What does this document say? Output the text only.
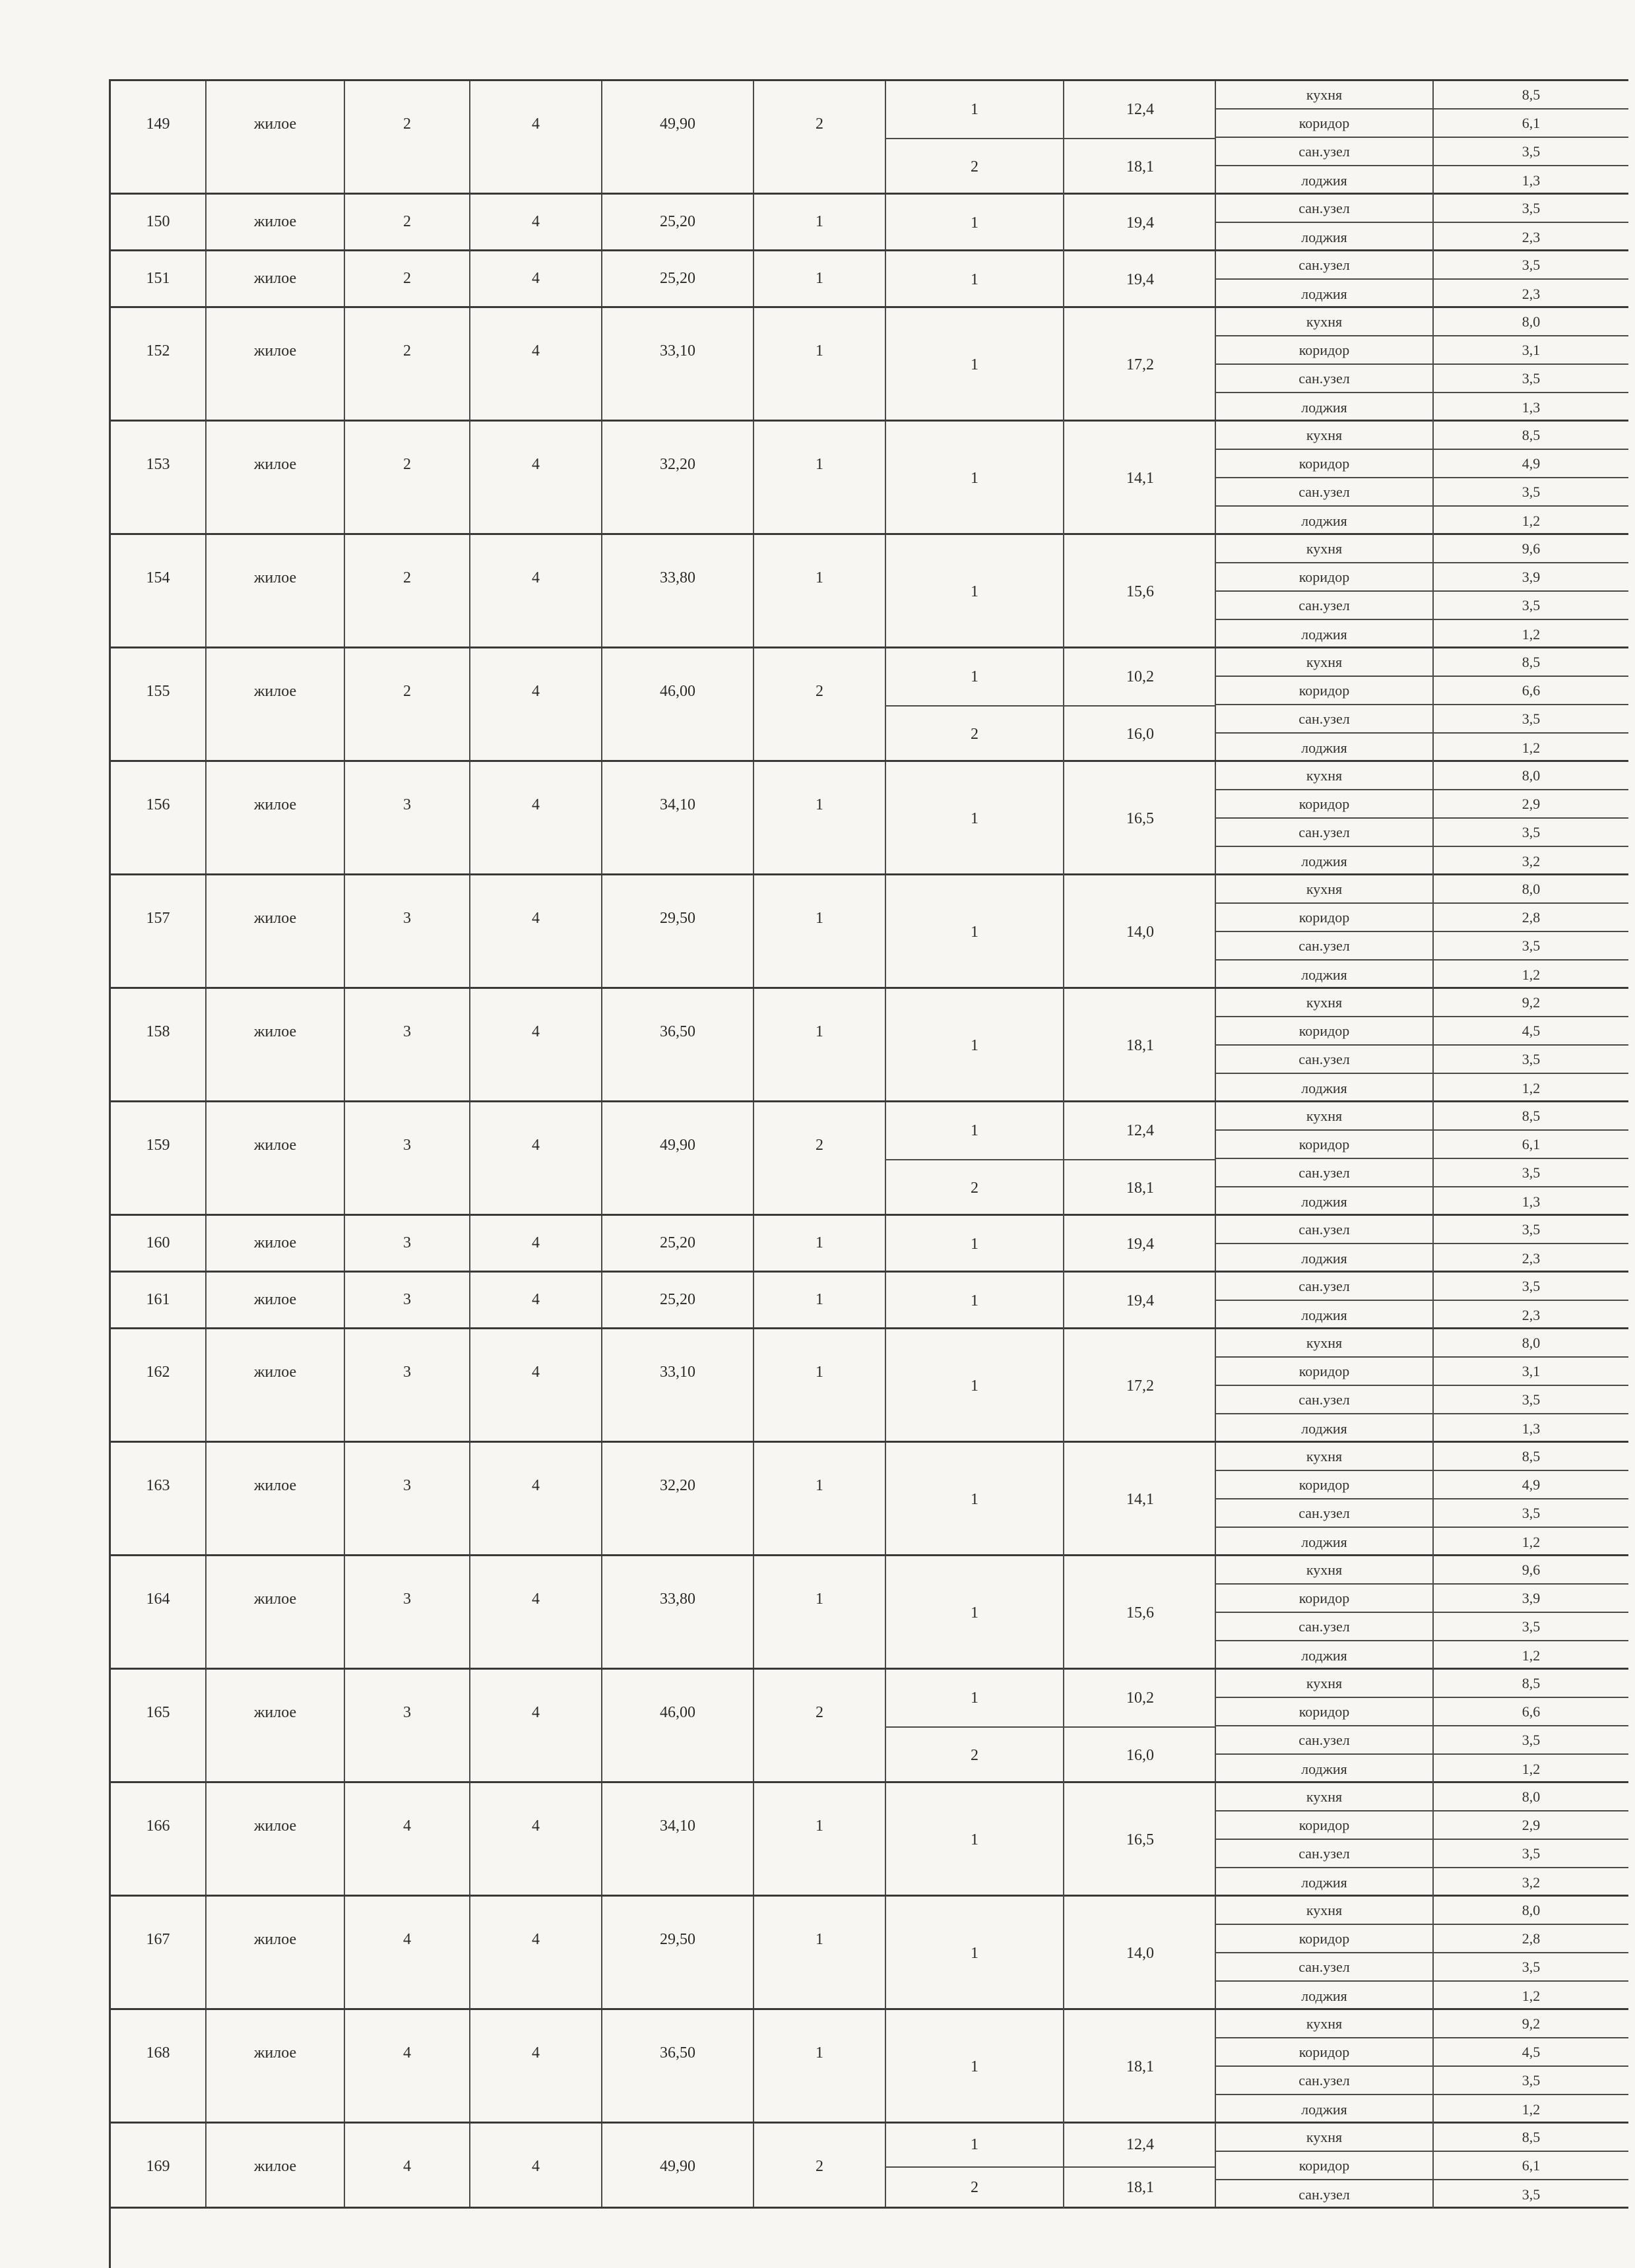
149	жилое	2	4	49,90	2
1	12,4
2	18,1
кухня	8,5
коридор	6,1
сан.узел	3,5
лоджия	1,3
150	жилое	2	4	25,20	1	1	19,4
сан.узел	3,5
лоджия	2,3
151	жилое	2	4	25,20	1	1	19,4
сан.узел	3,5
лоджия	2,3
152	жилое	2	4	33,10	1
1	17,2
кухня	8,0
коридор	3,1
сан.узел	3,5
лоджия	1,3
153	жилое	2	4	32,20	1
1	14,1
кухня	8,5
коридор	4,9
сан.узел	3,5
лоджия	1,2
154	жилое	2	4	33,80	1
1	15,6
кухня	9,6
коридор	3,9
сан.узел	3,5
лоджия	1,2
155	жилое	2	4	46,00	2
1	10,2
2	16,0
кухня	8,5
коридор	6,6
сан.узел	3,5
лоджия	1,2
156	жилое	3	4	34,10	1
1	16,5
кухня	8,0
коридор	2,9
сан.узел	3,5
лоджия	3,2
157	жилое	3	4	29,50	1
1	14,0
кухня	8,0
коридор	2,8
сан.узел	3,5
лоджия	1,2
158	жилое	3	4	36,50	1
1	18,1
кухня	9,2
коридор	4,5
сан.узел	3,5
лоджия	1,2
159	жилое	3	4	49,90	2
1	12,4
2	18,1
кухня	8,5
коридор	6,1
сан.узел	3,5
лоджия	1,3
160	жилое	3	4	25,20	1	1	19,4
сан.узел	3,5
лоджия	2,3
161	жилое	3	4	25,20	1	1	19,4
сан.узел	3,5
лоджия	2,3
162	жилое	3	4	33,10	1
1	17,2
кухня	8,0
коридор	3,1
сан.узел	3,5
лоджия	1,3
163	жилое	3	4	32,20	1
1	14,1
кухня	8,5
коридор	4,9
сан.узел	3,5
лоджия	1,2
164	жилое	3	4	33,80	1
1	15,6
кухня	9,6
коридор	3,9
сан.узел	3,5
лоджия	1,2
165	жилое	3	4	46,00	2
1	10,2
2	16,0
кухня	8,5
коридор	6,6
сан.узел	3,5
лоджия	1,2
166	жилое	4	4	34,10	1
1	16,5
кухня	8,0
коридор	2,9
сан.узел	3,5
лоджия	3,2
167	жилое	4	4	29,50	1
1	14,0
кухня	8,0
коридор	2,8
сан.узел	3,5
лоджия	1,2
168	жилое	4	4	36,50	1
1	18,1
кухня	9,2
коридор	4,5
сан.узел	3,5
лоджия	1,2
169	жилое	4	4	49,90	2
1	12,4
2	18,1
кухня	8,5
коридор	6,1
сан.узел	3,5
